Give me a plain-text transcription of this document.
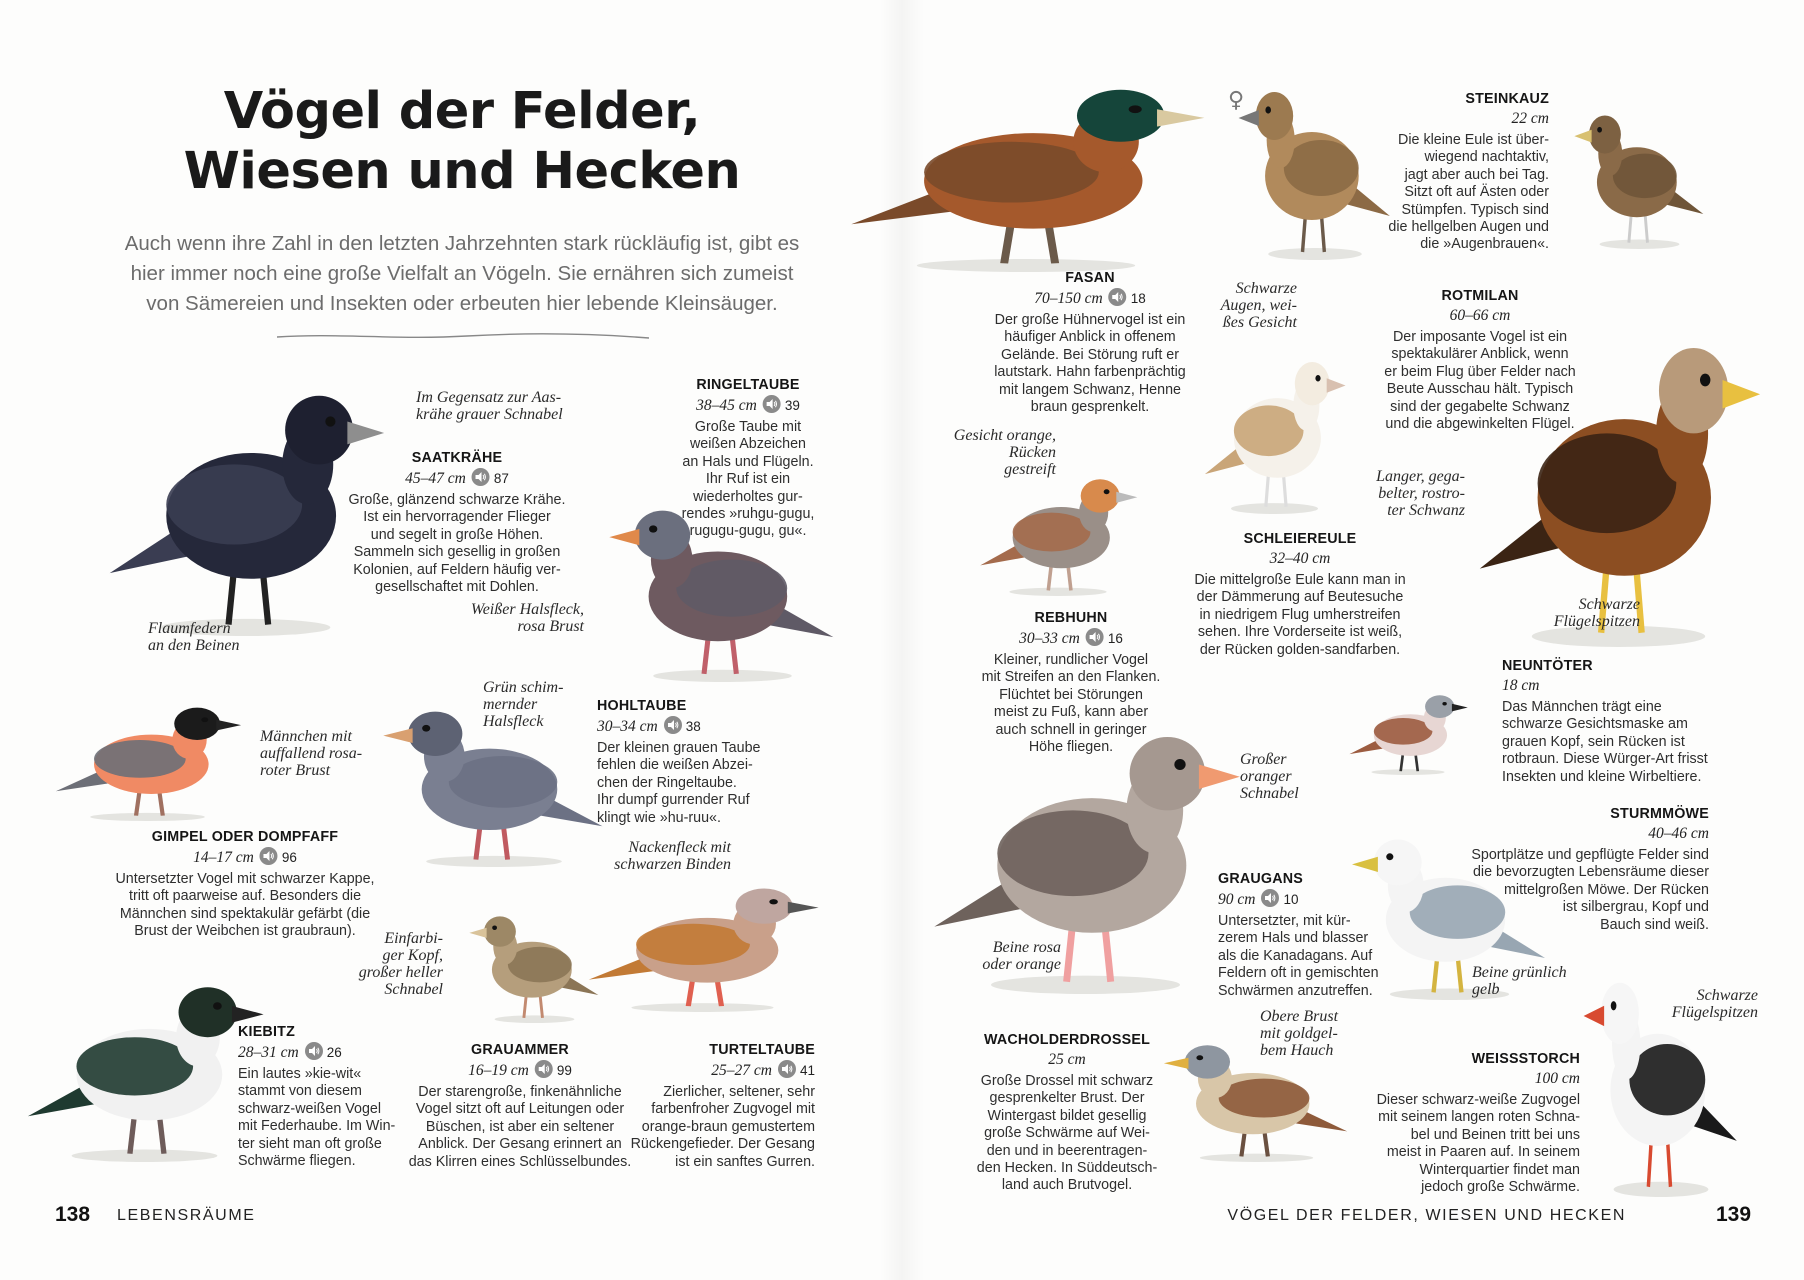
Vögel der Felder,
Wiesen und Hecken
Auch wenn ihre Zahl in den letzten Jahrzehnten stark rückläufig ist, gibt es
hier immer noch eine große Vielfalt an Vögeln. Sie ernähren sich zumeist
von Sämereien und Insekten oder erbeuten hier lebende Kleinsäuger.
♀
SAATKRÄHE
45–47 cm 87

Große, glänzend schwarze Krähe.
Ist ein hervorragender Flieger
und segelt in große Höhen.
Sammeln sich gesellig in großen
Kolonien, auf Feldern häufig ver-
gesellschaftet mit Dohlen.

RINGELTAUBE
38–45 cm 39

Große Taube mit
weißen Abzeichen
an Hals und Flügeln.
Ihr Ruf ist ein
wiederholtes gur-
rendes »ruhgu-gugu,
rugugu-gugu, gu«.

GIMPEL ODER DOMPFAFF
14–17 cm 96

Untersetzter Vogel mit schwarzer Kappe,
tritt oft paarweise auf. Besonders die
Männchen sind spektakulär gefärbt (die
Brust der Weibchen ist graubraun).

HOHLTAUBE
30–34 cm 38

Der kleinen grauen Taube
fehlen die weißen Abzei-
chen der Ringeltaube.
Ihr dumpf gurrender Ruf
klingt wie »hu-ruu«.

KIEBITZ
28–31 cm 26

Ein lautes »kie-wit«
stammt von diesem
schwarz-weißen Vogel
mit Federhaube. Im Win-
ter sieht man oft große
Schwärme fliegen.

GRAUAMMER
16–19 cm 99

Der starengroße, finkenähnliche
Vogel sitzt oft auf Leitungen oder
Büschen, ist aber ein seltener
Anblick. Der Gesang erinnert an
das Klirren eines Schlüsselbundes.

TURTELTAUBE
25–27 cm 41

Zierlicher, seltener, sehr
farbenfroher Zugvogel mit
orange-braun gemustertem
Rückengefieder. Der Gesang
ist ein sanftes Gurren.

FASAN
70–150 cm 18

Der große Hühnervogel ist ein
häufiger Anblick in offenem
Gelände. Bei Störung ruft er
lautstark. Hahn farbenprächtig
mit langem Schwanz, Henne
braun gesprenkelt.

STEINKAUZ
22 cm

Die kleine Eule ist über-
wiegend nachtaktiv,
jagt aber auch bei Tag.
Sitzt oft auf Ästen oder
Stümpfen. Typisch sind
die hellgelben Augen und
die »Augenbrauen«.

ROTMILAN
60–66 cm

Der imposante Vogel ist ein
spektakulärer Anblick, wenn
er beim Flug über Felder nach
Beute Ausschau hält. Typisch
sind der gegabelte Schwanz
und die abgewinkelten Flügel.

SCHLEIEREULE
32–40 cm

Die mittelgroße Eule kann man in
der Dämmerung auf Beutesuche
in niedrigem Flug umherstreifen
sehen. Ihre Vorderseite ist weiß,
der Rücken golden-sandfarben.

REBHUHN
30–33 cm 16

Kleiner, rundlicher Vogel
mit Streifen an den Flanken.
Flüchtet bei Störungen
meist zu Fuß, kann aber
auch schnell in geringer
Höhe fliegen.

NEUNTÖTER
18 cm

Das Männchen trägt eine
schwarze Gesichtsmaske am
grauen Kopf, sein Rücken ist
rotbraun. Diese Würger-Art frisst
Insekten und kleine Wirbeltiere.

STURMMÖWE
40–46 cm

Sportplätze und gepflügte Felder sind
die bevorzugten Lebensräume dieser
mittelgroßen Möwe. Der Rücken
ist silbergrau, Kopf und
Bauch sind weiß.

GRAUGANS
90 cm 10

Untersetzter, mit kür-
zerem Hals und blasser
als die Kanadagans. Auf
Feldern oft in gemischten
Schwärmen anzutreffen.

WACHOLDERDROSSEL
25 cm

Große Drossel mit schwarz
gesprenkelter Brust. Der
Wintergast bildet gesellig
große Schwärme auf Wei-
den und in beerentragen-
den Hecken. In Süddeutsch-
land auch Brutvogel.

WEISSSTORCH
100 cm

Dieser schwarz-weiße Zugvogel
mit seinem langen roten Schna-
bel und Beinen tritt bei uns
meist in Paaren auf. In seinem
Winterquartier findet man
jedoch große Schwärme.

Im Gegensatz zur Aas-
krähe grauer Schnabel
Flaumfedern
an den Beinen
Weißer Halsfleck,
rosa Brust
Männchen mit
auffallend rosa-
roter Brust
Grün schim-
mernder
Halsfleck
Nackenfleck mit
schwarzen Binden
Einfarbi-
ger Kopf,
großer heller
Schnabel
Schwarze
Augen, wei-
ßes Gesicht
Gesicht orange,
Rücken
gestreift	Langer, gega-
belter, rostro-
ter Schwanz
Schwarze
Flügelspitzen
Großer
oranger
Schnabel
Beine rosa
oder orange	Beine grünlich
gelb
Obere Brust
mit goldgel-
bem Hauch
Schwarze
Flügelspitzen
138 LEBENSRÄUME	VÖGEL DER FELDER, WIESEN UND HECKEN	139
